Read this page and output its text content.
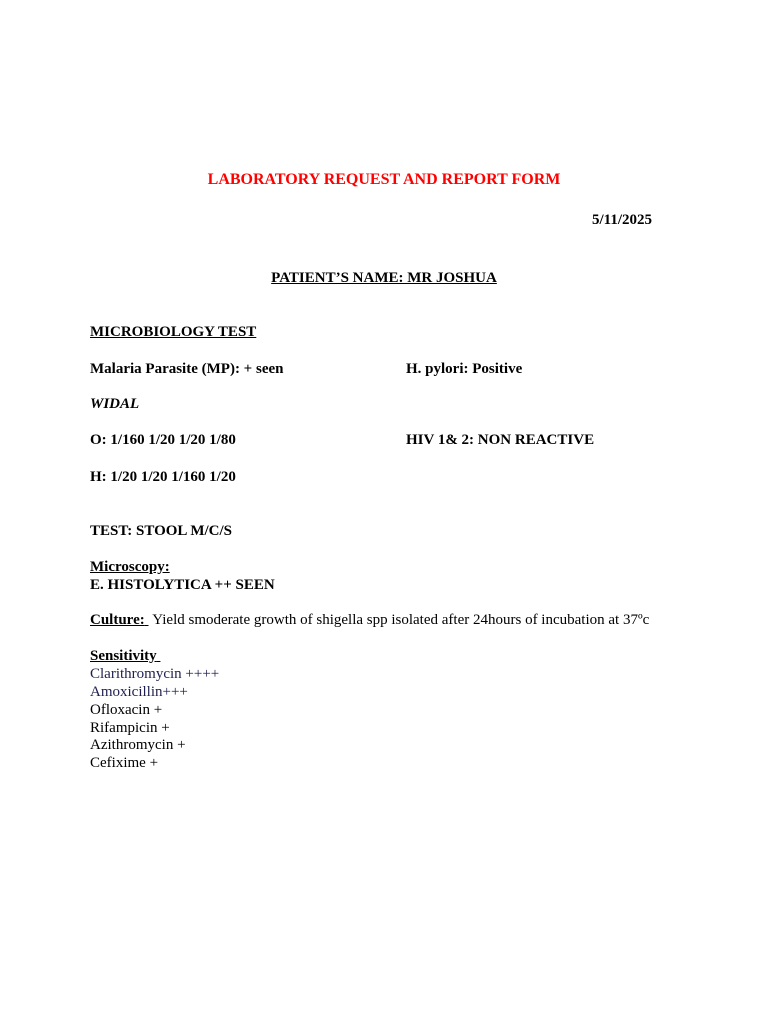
LABORATORY REQUEST AND REPORT FORM
5/11/2025
PATIENT’S NAME: MR JOSHUA
MICROBIOLOGY TEST
Malaria Parasite (MP): + seen	H. pylori: Positive
WIDAL
O: 1/160 1/20 1/20 1/80	HIV 1& 2: NON REACTIVE
H: 1/20 1/20 1/160 1/20
TEST: STOOL M/C/S
Microscopy:
E. HISTOLYTICA ++ SEEN
Culture: Yield smoderate growth of shigella spp isolated after 24hours of incubation at 37ºc
Sensitivity
Clarithromycin ++++
Amoxicillin+++
Ofloxacin +
Rifampicin +
Azithromycin +
Cefixime +
